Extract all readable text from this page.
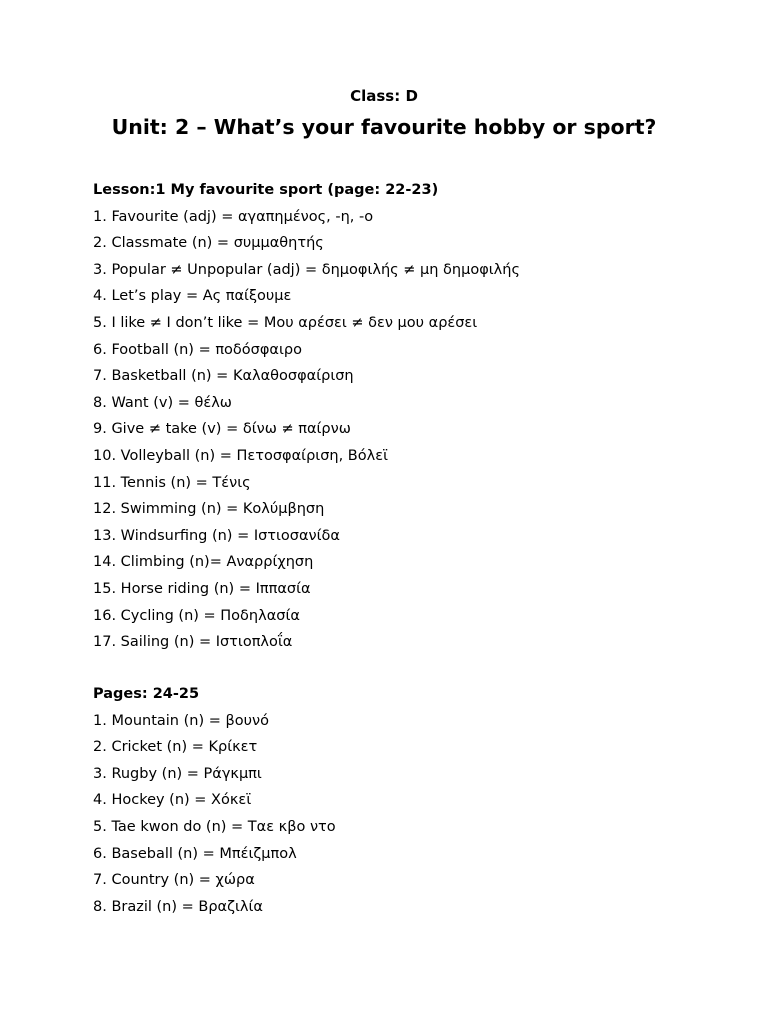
Class: D
Unit: 2 – What’s your favourite hobby or sport?
Lesson:1 My favourite sport (page: 22-23)
1. Favourite (adj) = αγαπημένος, -η, -ο
2. Classmate (n) = συμμαθητής
3. Popular ≠ Unpopular (adj) = δημοφιλής ≠ μη δημοφιλής
4. Let’s play = Ας παίξουμε
5. I like ≠ I don’t like = Μου αρέσει ≠ δεν μου αρέσει
6. Football (n) = ποδόσφαιρο
7. Basketball (n) = Καλαθοσφαίριση
8. Want (v) = θέλω
9. Give ≠ take (v) = δίνω ≠ παίρνω
10. Volleyball (n) = Πετοσφαίριση, Βόλεϊ
11. Tennis (n) = Τένις
12. Swimming (n) = Κολύμβηση
13. Windsurfing (n) = Ιστιοσανίδα
14. Climbing (n)= Αναρρίχηση
15. Horse riding (n) = Ιππασία
16. Cycling (n) = Ποδηλασία
17. Sailing (n) = Ιστιοπλοΐα
Pages: 24-25
1. Mountain (n) = βουνό
2. Cricket (n) = Κρίκετ
3. Rugby (n) = Ράγκμπι
4. Hockey (n) = Χόκεϊ
5. Tae kwon do (n) = Ταε κβο ντο
6. Baseball (n) = Μπέιζμπολ
7. Country (n) = χώρα
8. Brazil (n) = Βραζιλία
